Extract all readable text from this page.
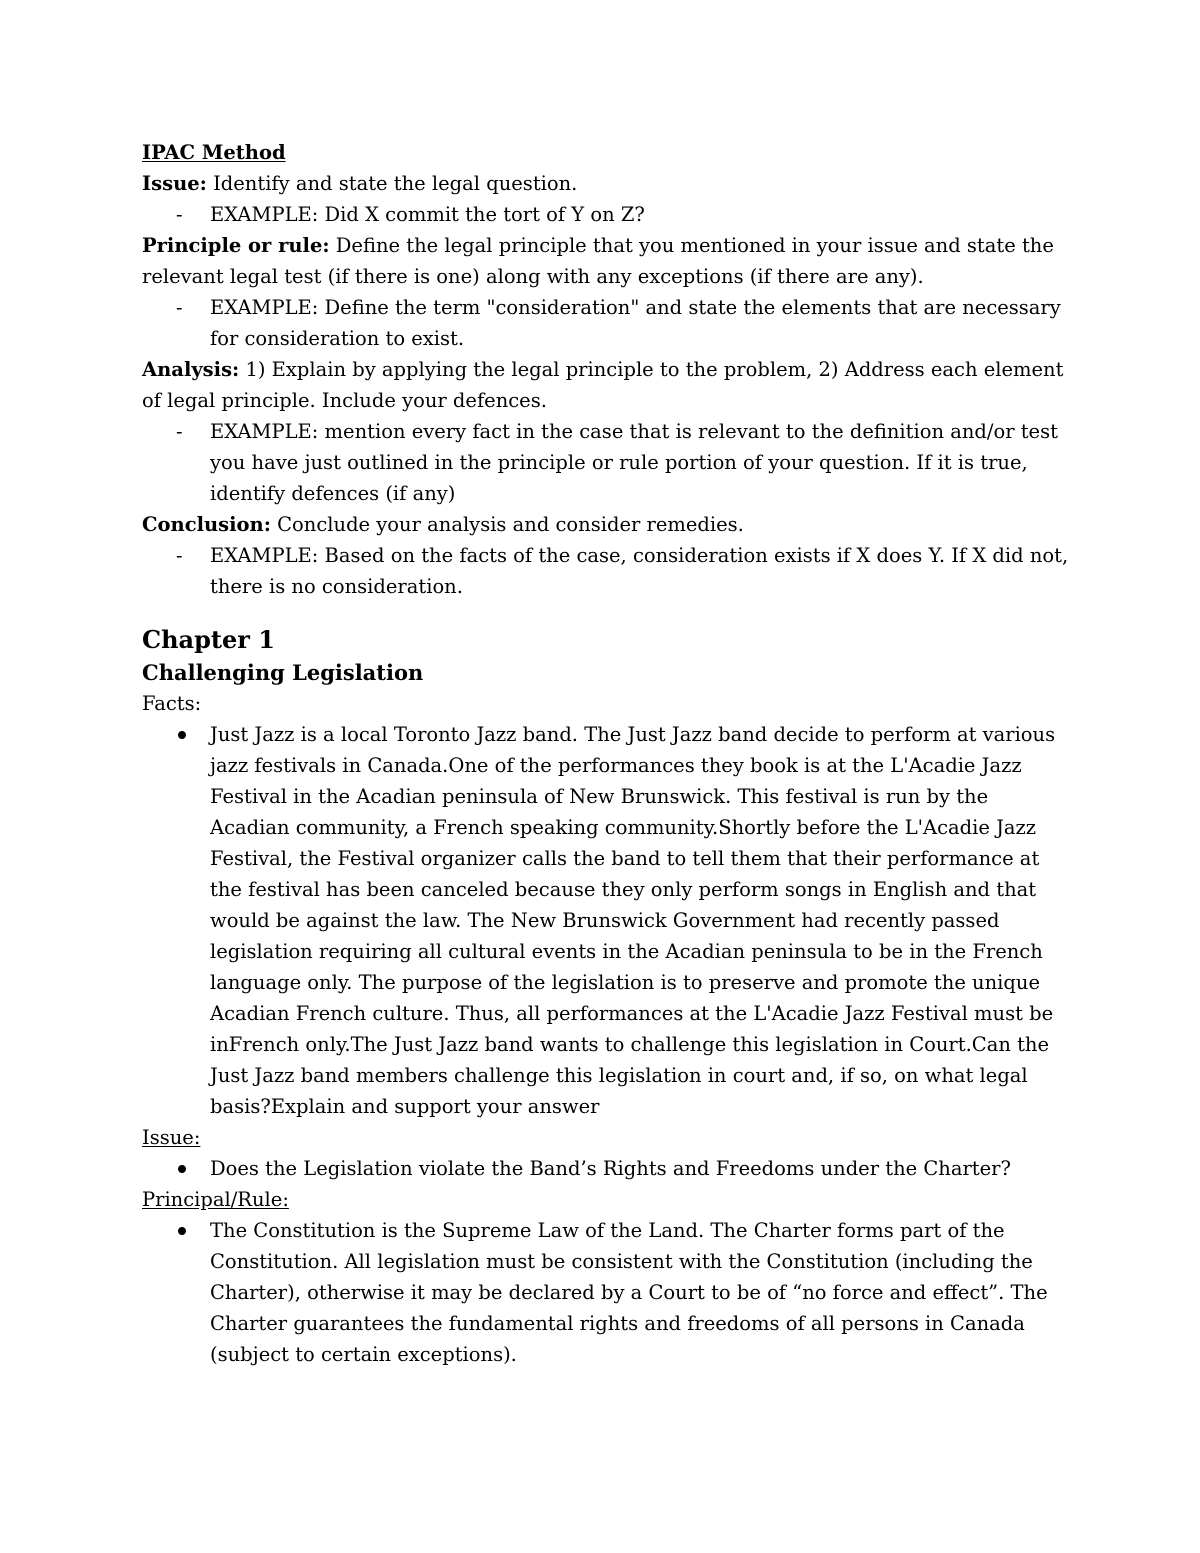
IPAC Method
Issue: Identify and state the legal question.
- EXAMPLE: Did X commit the tort of Y on Z?
Principle or rule: Define the legal principle that you mentioned in your issue and state the relevant legal test (if there is one) along with any exceptions (if there are any).
- EXAMPLE: Define the term "consideration" and state the elements that are necessary for consideration to exist.
Analysis: 1) Explain by applying the legal principle to the problem, 2) Address each element of legal principle. Include your defences.
- EXAMPLE: mention every fact in the case that is relevant to the definition and/or test you have just outlined in the principle or rule portion of your question. If it is true, identify defences (if any)
Conclusion: Conclude your analysis and consider remedies.
- EXAMPLE: Based on the facts of the case, consideration exists if X does Y. If X did not, there is no consideration.
Chapter 1
Challenging Legislation
Facts:
Just Jazz is a local Toronto Jazz band. The Just Jazz band decide to perform at various jazz festivals in Canada.One of the performances they book is at the L'Acadie Jazz Festival in the Acadian peninsula of New Brunswick. This festival is run by the Acadian community, a French speaking community.Shortly before the L'Acadie Jazz Festival, the Festival organizer calls the band to tell them that their performance at the festival has been canceled because they only perform songs in English and that would be against the law. The New Brunswick Government had recently passed legislation requiring all cultural events in the Acadian peninsula to be in the French language only. The purpose of the legislation is to preserve and promote the unique Acadian French culture. Thus, all performances at the L'Acadie Jazz Festival must be inFrench only.The Just Jazz band wants to challenge this legislation in Court.Can the Just Jazz band members challenge this legislation in court and, if so, on what legal basis?Explain and support your answer
Issue:
Does the Legislation violate the Band’s Rights and Freedoms under the Charter?
Principal/Rule:
The Constitution is the Supreme Law of the Land. The Charter forms part of the Constitution. All legislation must be consistent with the Constitution (including the Charter), otherwise it may be declared by a Court to be of “no force and effect”. The Charter guarantees the fundamental rights and freedoms of all persons in Canada (subject to certain exceptions).
